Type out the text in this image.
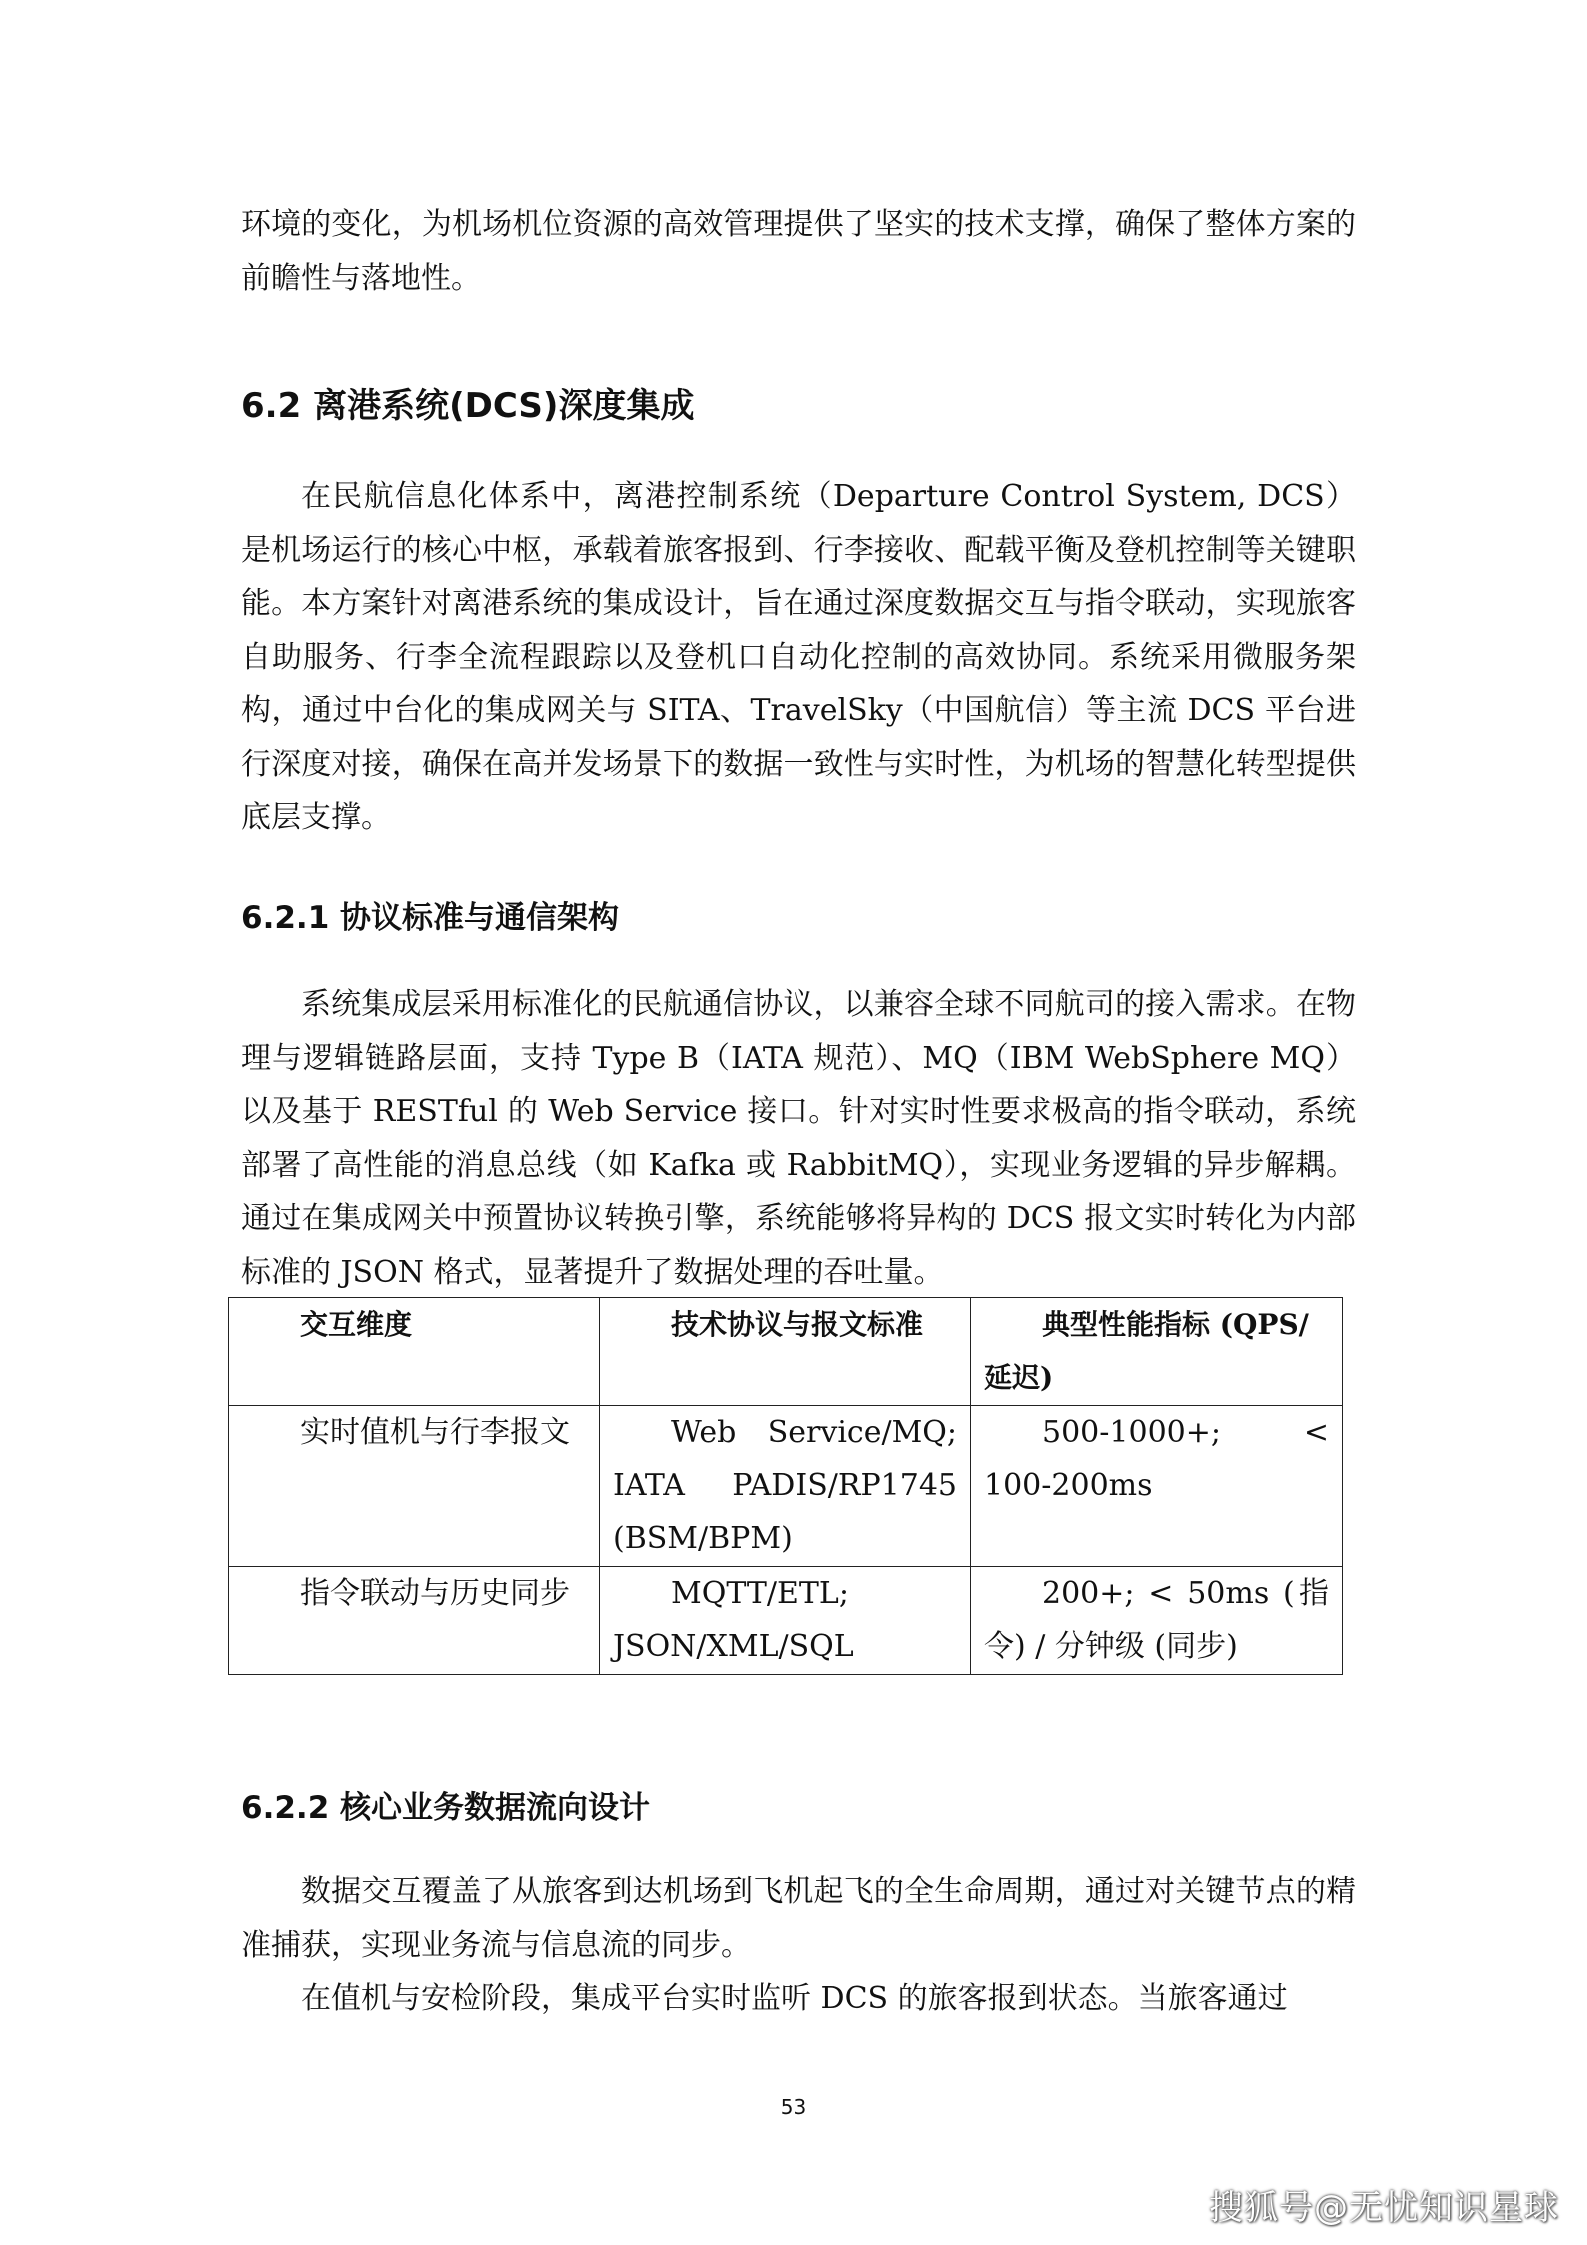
环境的变化，为机场机位资源的高效管理提供了坚实的技术支撑，确保了整体方案的前瞻性与落地性。

6.2 离港系统(DCS)深度集成

在民航信息化体系中，离港控制系统（Departure Control System, DCS）是机场运行的核心中枢，承载着旅客报到、行李接收、配载平衡及登机控制等关键职能。本方案针对离港系统的集成设计，旨在通过深度数据交互与指令联动，实现旅客自助服务、行李全流程跟踪以及登机口自动化控制的高效协同。系统采用微服务架构，通过中台化的集成网关与 SITA、TravelSky（中国航信）等主流 DCS 平台进行深度对接，确保在高并发场景下的数据一致性与实时性，为机场的智慧化转型提供底层支撑。

6.2.1 协议标准与通信架构

系统集成层采用标准化的民航通信协议，以兼容全球不同航司的接入需求。在物理与逻辑链路层面，支持 Type B（IATA 规范）、MQ（IBM WebSphere MQ）以及基于 RESTful 的 Web Service 接口。针对实时性要求极高的指令联动，系统部署了高性能的消息总线（如 Kafka 或 RabbitMQ），实现业务逻辑的异步解耦。通过在集成网关中预置协议转换引擎，系统能够将异构的 DCS 报文实时转化为内部标准的 JSON 格式，显著提升了数据处理的吞吐量。

交互维度	技术协议与报文标准	典型性能指标 (QPS/延迟)
实时值机与行李报文	Web Service/MQ; IATA PADIS/RP1745 (BSM/BPM)	500-1000+; < 100-200ms
指令联动与历史同步	MQTT/ETL; JSON/XML/SQL	200+; < 50ms (指令) / 分钟级 (同步)
6.2.2 核心业务数据流向设计

数据交互覆盖了从旅客到达机场到飞机起飞的全生命周期，通过对关键节点的精准捕获，实现业务流与信息流的同步。

在值机与安检阶段，集成平台实时监听 DCS 的旅客报到状态。当旅客通过

53
搜狐号@无忧知识星球
